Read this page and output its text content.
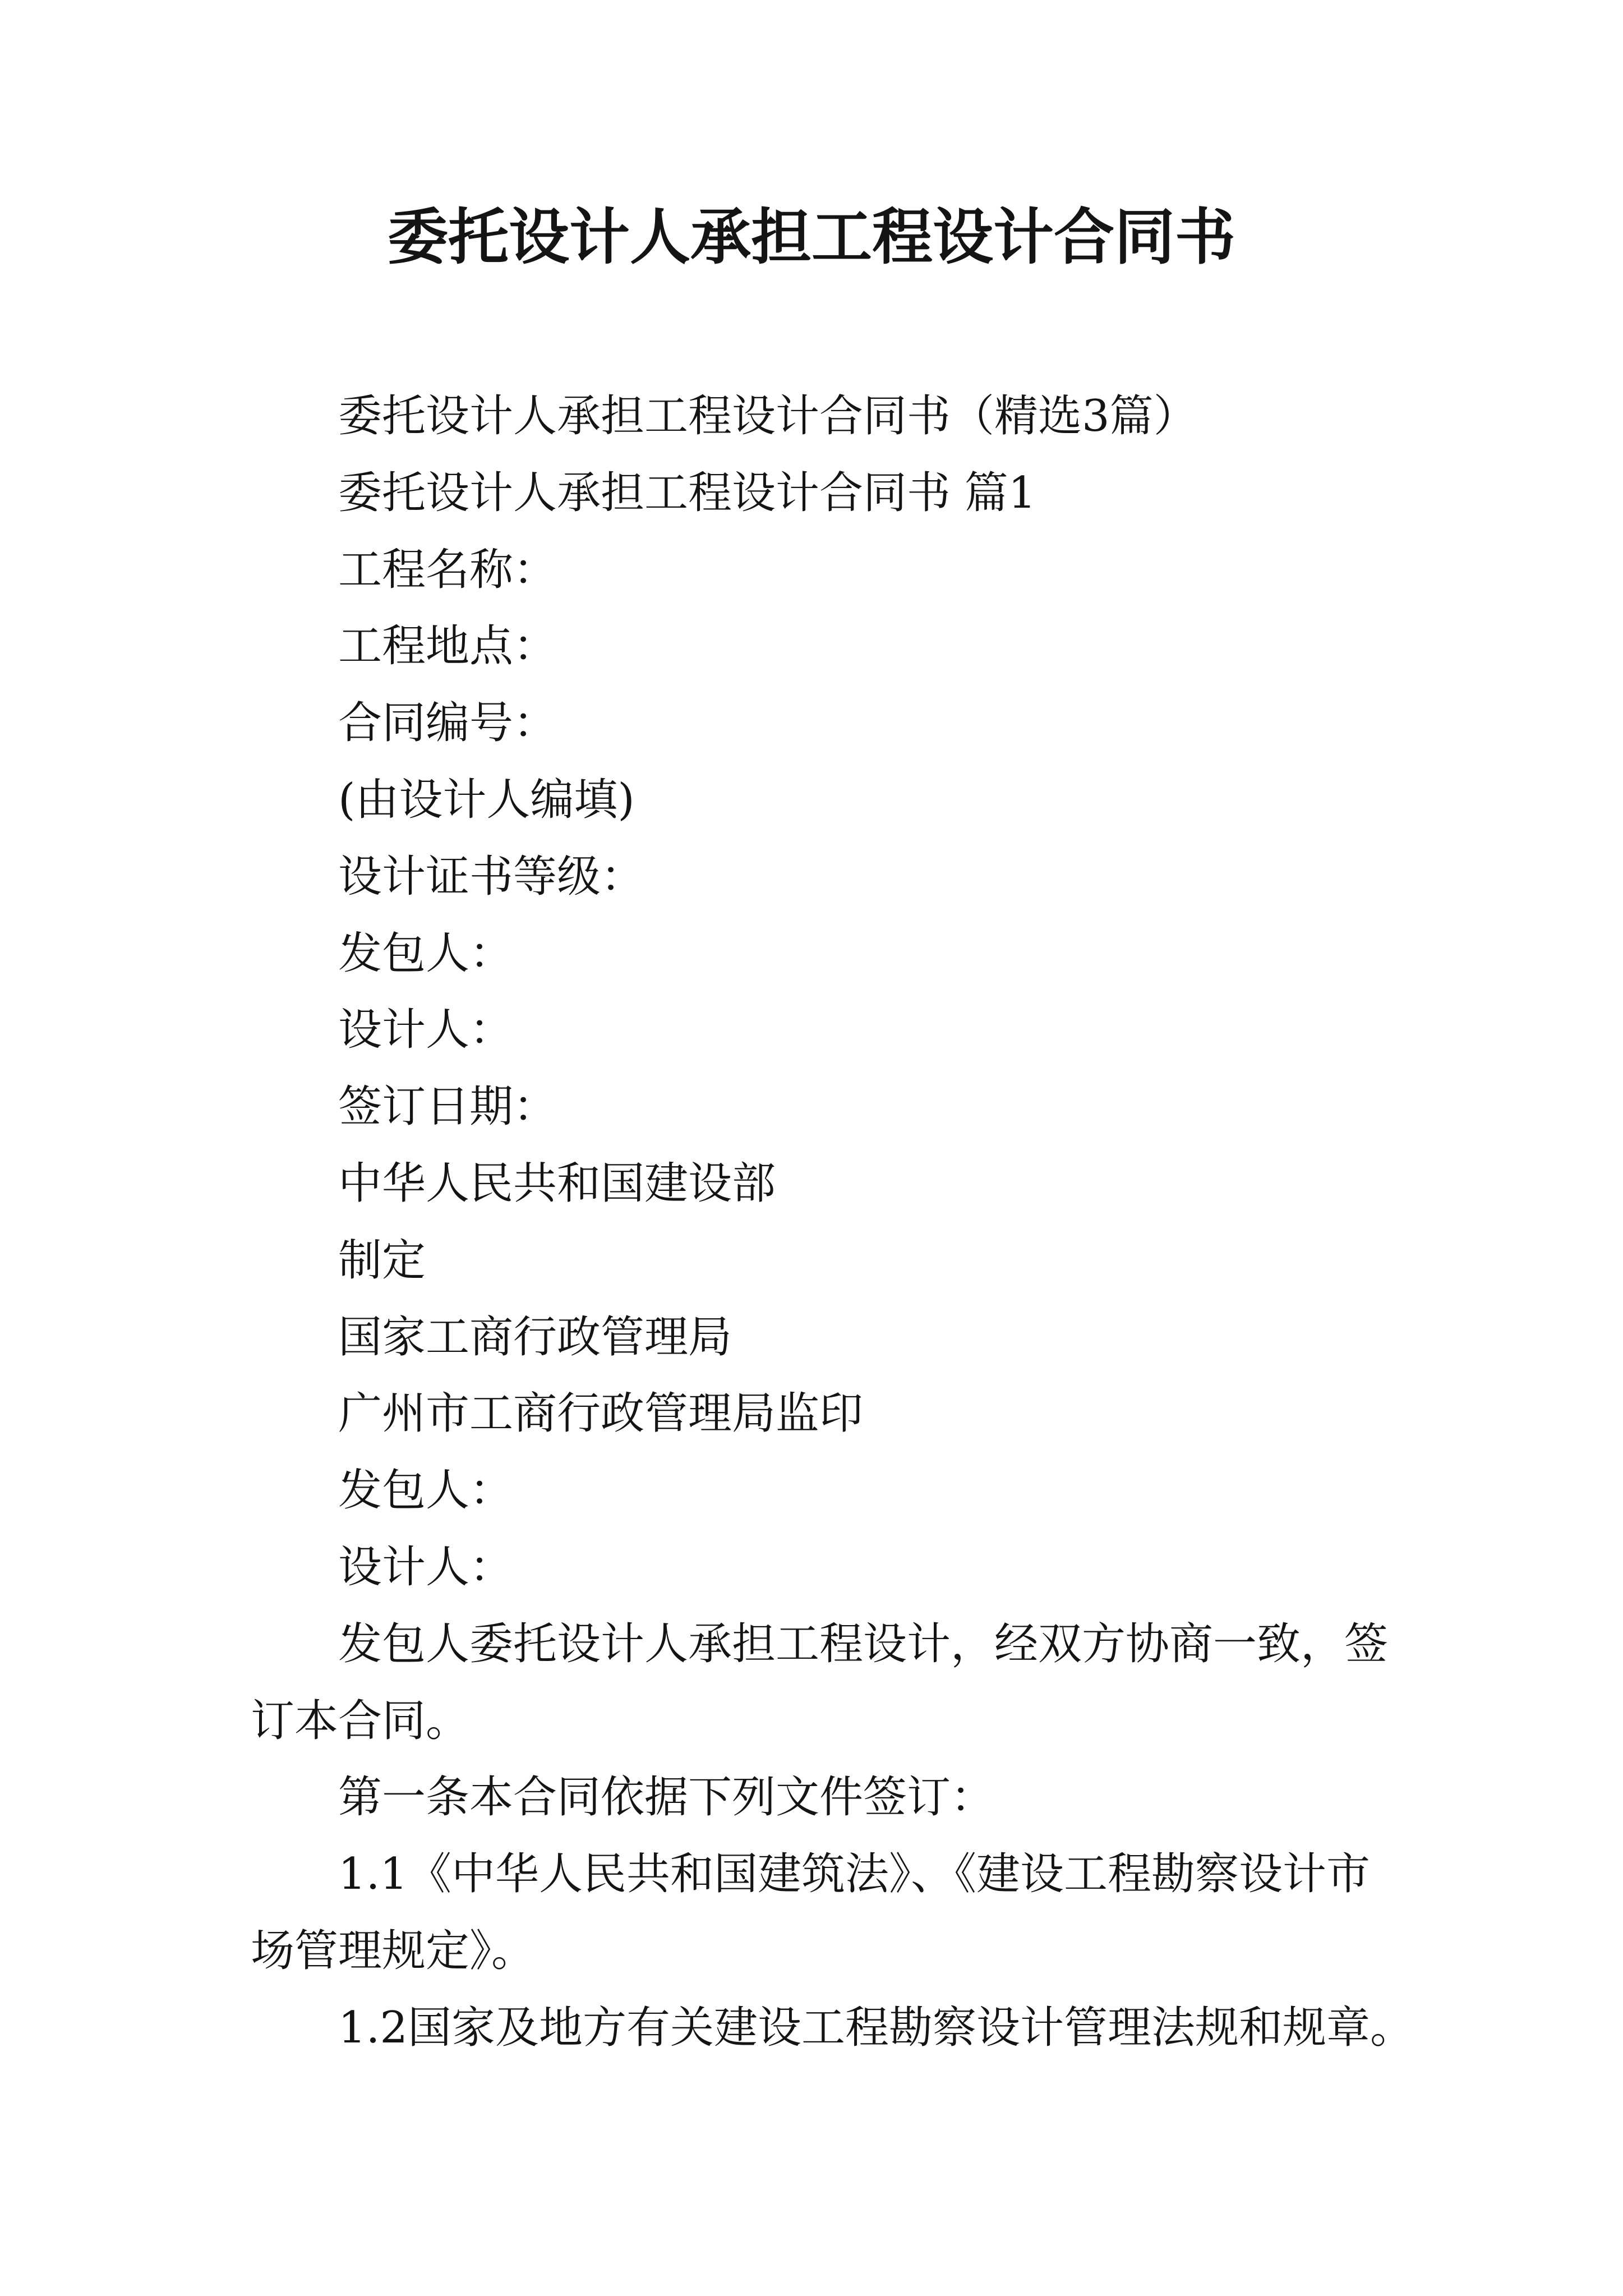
委托设计人承担工程设计合同书
委托设计人承担工程设计合同书（精选3篇）
委托设计人承担工程设计合同书 篇1
工程名称：
工程地点：
合同编号：
(由设计人编填)
设计证书等级：
发包人：
设计人：
签订日期：
中华人民共和国建设部
制定
国家工商行政管理局
广州市工商行政管理局监印
发包人：
设计人：
发包人委托设计人承担工程设计，经双方协商一致，签
订本合同。
第一条本合同依据下列文件签订：
1.1《中华人民共和国建筑法》、《建设工程勘察设计市
场管理规定》。
1.2国家及地方有关建设工程勘察设计管理法规和规章。
